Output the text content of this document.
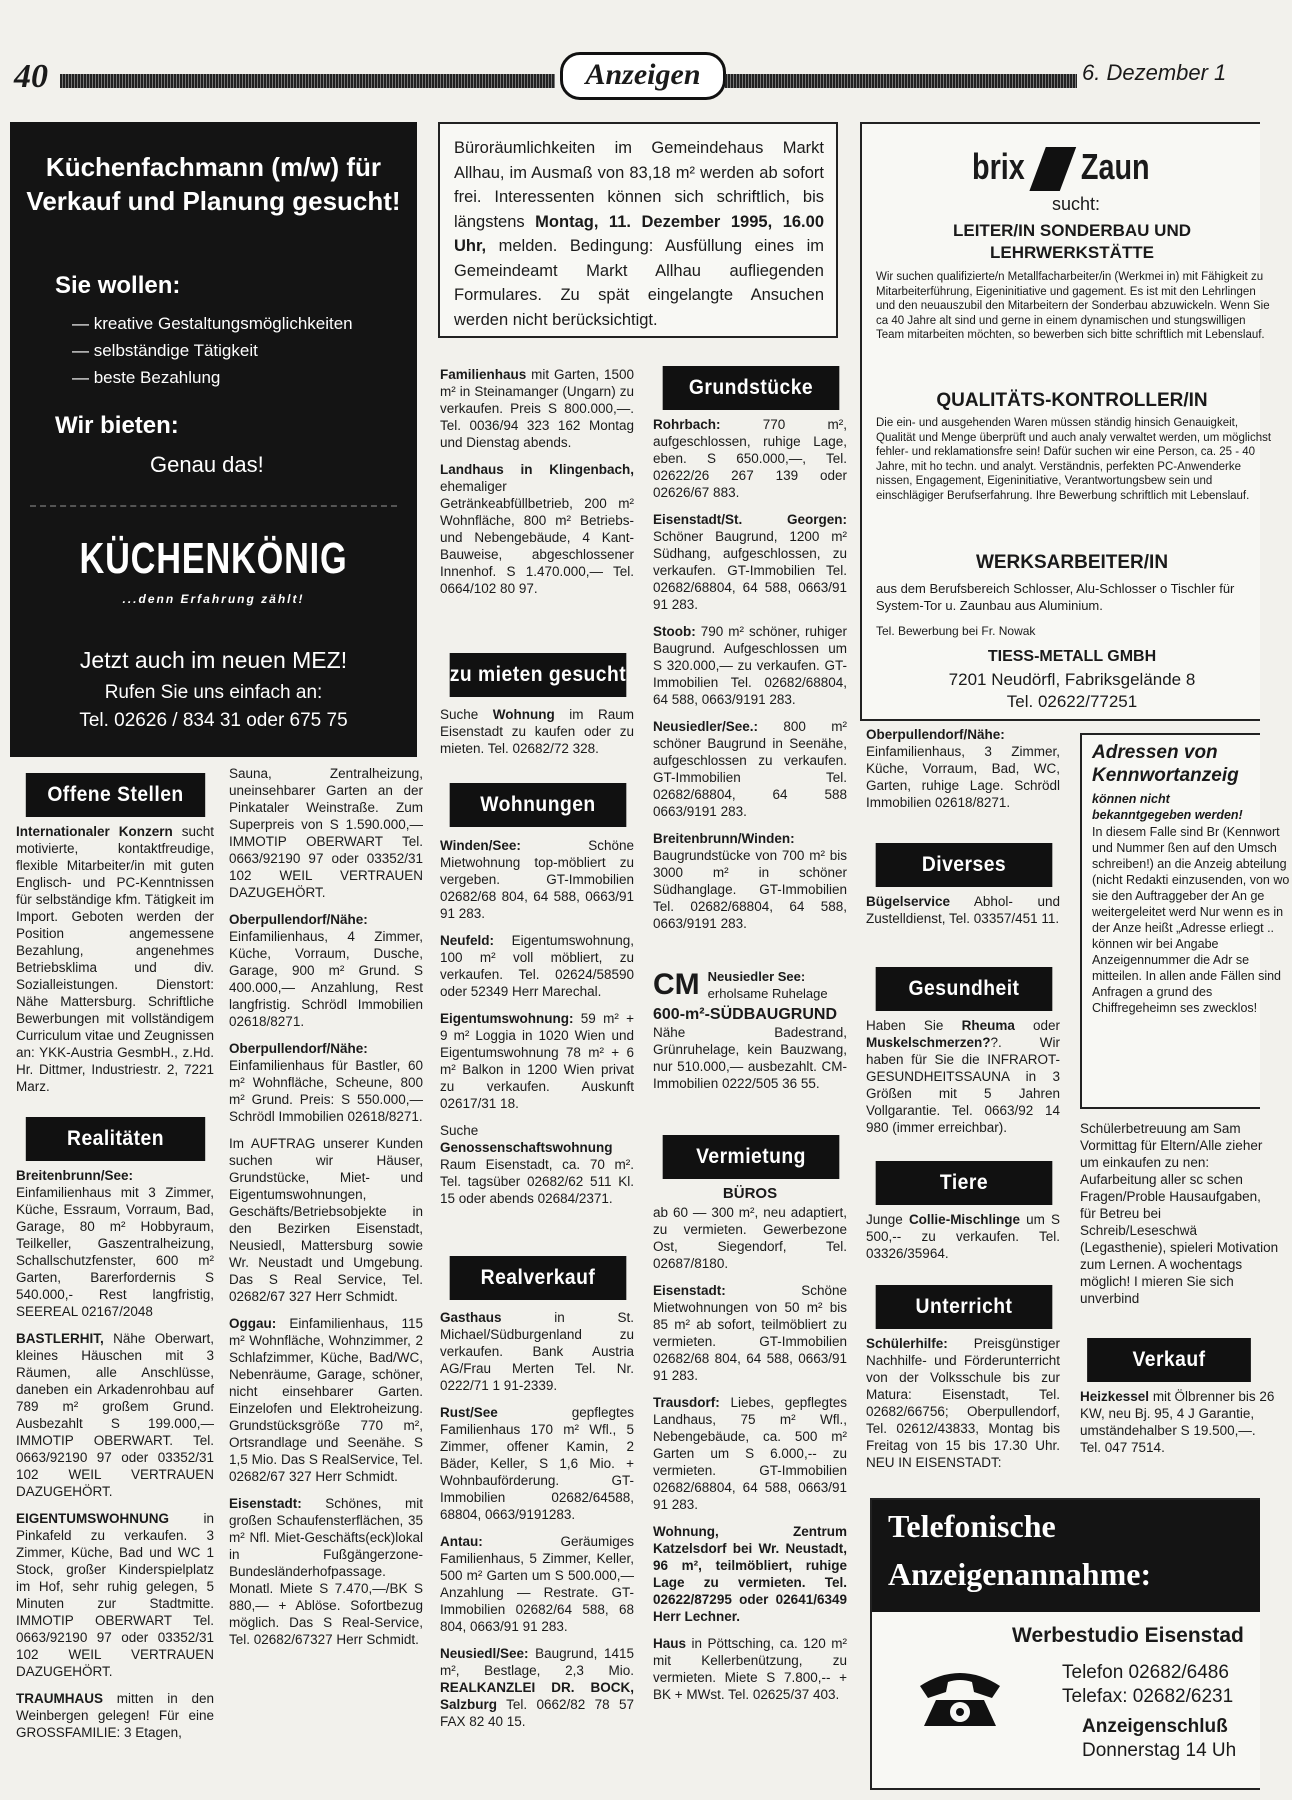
40	Anzeigen	6. Dezember 1
Küchenfachmann (m/w) für Verkauf und Planung gesucht!
Sie wollen:
— kreative Gestaltungsmöglichkeiten
— selbständige Tätigkeit
— beste Bezahlung
Wir bieten:
Genau das!
KÜCHENKÖNIG
...denn Erfahrung zählt!
Jetzt auch im neuen MEZ!
Rufen Sie uns einfach an:
Tel. 02626 / 834 31 oder 675 75
Büroräumlichkeiten im Gemeindehaus Markt Allhau, im Ausmaß von 83,18 m² werden ab sofort frei. Interessenten können sich schriftlich, bis längstens Montag, 11. Dezember 1995, 16.00 Uhr, melden. Bedingung: Ausfüllung eines im Gemeindeamt Markt Allhau aufliegenden Formulares. Zu spät eingelangte Ansuchen werden nicht berücksichtigt.
brix Zaun
sucht:
LEITER/IN SONDERBAU UND LEHRWERKSTÄTTE
Wir suchen qualifizierte/n Metallfacharbeiter/in (Werkmei in) mit Fähigkeit zu Mitarbeiterführung, Eigeninitiative und gagement. Es ist mit den Lehrlingen und den neuauszubil den Mitarbeitern der Sonderbau abzuwickeln. Wenn Sie ca 40 Jahre alt sind und gerne in einem dynamischen und stungswilligen Team mitarbeiten möchten, so bewerben sich bitte schriftlich mit Lebenslauf.
QUALITÄTS-KONTROLLER/IN
Die ein- und ausgehenden Waren müssen ständig hinsich Genauigkeit, Qualität und Menge überprüft und auch analy verwaltet werden, um möglichst fehler- und reklamationsfre sein! Dafür suchen wir eine Person, ca. 25 - 40 Jahre, mit ho techn. und analyt. Verständnis, perfekten PC-Anwenderke nissen, Engagement, Eigeninitiative, Verantwortungsbew sein und einschlägiger Berufserfahrung. Ihre Bewerbung schriftlich mit Lebenslauf.
WERKSARBEITER/IN
aus dem Berufsbereich Schlosser, Alu-Schlosser o Tischler für System-Tor u. Zaunbau aus Aluminium.
Tel. Bewerbung bei Fr. Nowak
TIESS-METALL GMBH
7201 Neudörfl, Fabriksgelände 8
Tel. 02622/77251
Offene Stellen

Internationaler Konzern sucht motivierte, kontaktfreudige, flexible Mitarbeiter/in mit guten Englisch- und PC-Kenntnissen für selbständige kfm. Tätigkeit im Import. Geboten werden der Position angemessene Bezahlung, angenehmes Betriebsklima und div. Sozialleistungen. Dienstort: Nähe Mattersburg. Schriftliche Bewerbungen mit vollständigem Curriculum vitae und Zeugnissen an: YKK-Austria GesmbH., z.Hd. Hr. Dittmer, Industriestr. 2, 7221 Marz.

Realitäten

Breitenbrunn/See: Einfamilienhaus mit 3 Zimmer, Küche, Essraum, Vorraum, Bad, Garage, 80 m² Hobbyraum, Teilkeller, Gaszentralheizung, Schallschutzfenster, 600 m² Garten, Barerfordernis S 540.000,- Rest langfristig, SEEREAL 02167/2048

BASTLERHIT, Nähe Oberwart, kleines Häuschen mit 3 Räumen, alle Anschlüsse, daneben ein Arkadenrohbau auf 789 m² großem Grund. Ausbezahlt S 199.000,— IMMOTIP OBERWART. Tel. 0663/92190 97 oder 03352/31 102 WEIL VERTRAUEN DAZUGEHÖRT.

EIGENTUMSWOHNUNG in Pinkafeld zu verkaufen. 3 Zimmer, Küche, Bad und WC 1 Stock, großer Kinderspielplatz im Hof, sehr ruhig gelegen, 5 Minuten zur Stadtmitte. IMMOTIP OBERWART Tel. 0663/92190 97 oder 03352/31 102 WEIL VERTRAUEN DAZUGEHÖRT.

TRAUMHAUS mitten in den Weinbergen gelegen! Für eine GROSSFAMILIE: 3 Etagen,

Sauna, Zentralheizung, uneinsehbarer Garten an der Pinkataler Weinstraße. Zum Superpreis von S 1.590.000,— IMMOTIP OBERWART Tel. 0663/92190 97 oder 03352/31 102 WEIL VERTRAUEN DAZUGEHÖRT.

Oberpullendorf/Nähe: Einfamilienhaus, 4 Zimmer, Küche, Vorraum, Dusche, Garage, 900 m² Grund. S 400.000,— Anzahlung, Rest langfristig. Schrödl Immobilien 02618/8271.

Oberpullendorf/Nähe: Einfamilienhaus für Bastler, 60 m² Wohnfläche, Scheune, 800 m² Grund. Preis: S 550.000,— Schrödl Immobilien 02618/8271.

Im AUFTRAG unserer Kunden suchen wir Häuser, Grundstücke, Miet- und Eigentumswohnungen, Geschäfts/Betriebsobjekte in den Bezirken Eisenstadt, Neusiedl, Mattersburg sowie Wr. Neustadt und Umgebung. Das S Real Service, Tel. 02682/67 327 Herr Schmidt.

Oggau: Einfamilienhaus, 115 m² Wohnfläche, Wohnzimmer, 2 Schlafzimmer, Küche, Bad/WC, Nebenräume, Garage, schöner, nicht einsehbarer Garten. Einzelofen und Elektroheizung. Grundstücksgröße 770 m², Ortsrandlage und Seenähe. S 1,5 Mio. Das S RealService, Tel. 02682/67 327 Herr Schmidt.

Eisenstadt: Schönes, mit großen Schaufensterflächen, 35 m² Nfl. Miet-Geschäfts(eck)lokal in Fußgängerzone- Bundesländerhofpassage. Monatl. Miete S 7.470,—/BK S 880,— + Ablöse. Sofortbezug möglich. Das S Real-Service, Tel. 02682/67327 Herr Schmidt.

Familienhaus mit Garten, 1500 m² in Steinamanger (Ungarn) zu verkaufen. Preis S 800.000,—. Tel. 0036/94 323 162 Montag und Dienstag abends.

Landhaus in Klingenbach, ehemaliger Getränkeabfüllbetrieb, 200 m² Wohnfläche, 800 m² Betriebs- und Nebengebäude, 4 Kant-Bauweise, abgeschlossener Innenhof. S 1.470.000,— Tel. 0664/102 80 97.

zu mieten gesucht

Suche Wohnung im Raum Eisenstadt zu kaufen oder zu mieten. Tel. 02682/72 328.

Wohnungen

Winden/See: Schöne Mietwohnung top-möbliert zu vergeben. GT-Immobilien 02682/68 804, 64 588, 0663/91 91 283.

Neufeld: Eigentumswohnung, 100 m² voll möbliert, zu verkaufen. Tel. 02624/58590 oder 52349 Herr Marechal.

Eigentumswohnung: 59 m² + 9 m² Loggia in 1020 Wien und Eigentumswohnung 78 m² + 6 m² Balkon in 1200 Wien privat zu verkaufen. Auskunft 02617/31 18.

Suche Genossenschaftswohnung Raum Eisenstadt, ca. 70 m². Tel. tagsüber 02682/62 511 Kl. 15 oder abends 02684/2371.

Realverkauf

Gasthaus in St. Michael/Südburgenland zu verkaufen. Bank Austria AG/Frau Merten Tel. Nr. 0222/71 1 91-2339.

Rust/See gepflegtes Familienhaus 170 m² Wfl., 5 Zimmer, offener Kamin, 2 Bäder, Keller, S 1,6 Mio. + Wohnbauförderung. GT-Immobilien 02682/64588, 68804, 0663/9191283.

Antau: Geräumiges Familienhaus, 5 Zimmer, Keller, 500 m² Garten um S 500.000,— Anzahlung — Restrate. GT-Immobilien 02682/64 588, 68 804, 0663/91 91 283.

Neusiedl/See: Baugrund, 1415 m², Bestlage, 2,3 Mio. REALKANZLEI DR. BOCK, Salzburg Tel. 0662/82 78 57 FAX 82 40 15.

Grundstücke

Rohrbach: 770 m², aufgeschlossen, ruhige Lage, eben. S 650.000,—, Tel. 02622/26 267 139 oder 02626/67 883.

Eisenstadt/St. Georgen: Schöner Baugrund, 1200 m² Südhang, aufgeschlossen, zu verkaufen. GT-Immobilien Tel. 02682/68804, 64 588, 0663/91 91 283.

Stoob: 790 m² schöner, ruhiger Baugrund. Aufgeschlossen um S 320.000,— zu verkaufen. GT-Immobilien Tel. 02682/68804, 64 588, 0663/9191 283.

Neusiedler/See.: 800 m² schöner Baugrund in Seenähe, aufgeschlossen zu verkaufen. GT-Immobilien Tel. 02682/68804, 64 588 0663/9191 283.

Breitenbrunn/Winden: Baugrundstücke von 700 m² bis 3000 m² in schöner Südhanglage. GT-Immobilien Tel. 02682/68804, 64 588, 0663/9191 283.

CM Neusiedler See: erholsame Ruhelage
600-m²-SÜDBAUGRUND
Nähe Badestrand, Grünruhelage, kein Bauzwang, nur 510.000,— ausbezahlt. CM-Immobilien 0222/505 36 55.
Vermietung
BÜROS

ab 60 — 300 m², neu adaptiert, zu vermieten. Gewerbezone Ost, Siegendorf, Tel. 02687/8180.

Eisenstadt: Schöne Mietwohnungen von 50 m² bis 85 m² ab sofort, teilmöbliert zu vermieten. GT-Immobilien 02682/68 804, 64 588, 0663/91 91 283.

Trausdorf: Liebes, gepflegtes Landhaus, 75 m² Wfl., Nebengebäude, ca. 500 m² Garten um S 6.000,-- zu vermieten. GT-Immobilien 02682/68804, 64 588, 0663/91 91 283.

Wohnung, Zentrum Katzelsdorf bei Wr. Neustadt, 96 m², teilmöbliert, ruhige Lage zu vermieten. Tel. 02622/87295 oder 02641/6349 Herr Lechner.

Haus in Pöttsching, ca. 120 m² mit Kellerbenützung, zu vermieten. Miete S 7.800,-- + BK + MWst. Tel. 02625/37 403.

Oberpullendorf/Nähe: Einfamilienhaus, 3 Zimmer, Küche, Vorraum, Bad, WC, Garten, ruhige Lage. Schrödl Immobilien 02618/8271.

Diverses

Bügelservice Abhol- und Zustelldienst, Tel. 03357/451 11.

Gesundheit

Haben Sie Rheuma oder Muskelschmerzen??. Wir haben für Sie die INFRAROT-GESUNDHEITSSAUNA in 3 Größen mit 5 Jahren Vollgarantie. Tel. 0663/92 14 980 (immer erreichbar).

Tiere

Junge Collie-Mischlinge um S 500,-- zu verkaufen. Tel. 03326/35964.

Unterricht

Schülerhilfe: Preisgünstiger Nachhilfe- und Förderunterricht von der Volksschule bis zur Matura: Eisenstadt, Tel. 02682/66756; Oberpullendorf, Tel. 02612/43833, Montag bis Freitag von 15 bis 17.30 Uhr. NEU IN EISENSTADT:

Adressen von Kennwortanzeig
können nicht bekanntgegeben werden!
In diesem Falle sind Br (Kennwort und Nummer ßen auf den Umsch schreiben!) an die Anzeig abteilung (nicht Redakti einzusenden, von wo sie den Auftraggeber der An ge weitergeleitet werd Nur wenn es in der Anze heißt „Adresse erliegt .. können wir bei Angabe Anzeigennummer die Adr se mitteilen. In allen ande Fällen sind Anfragen a grund des Chiffregeheimn ses zwecklos!

Schülerbetreuung am Sam Vormittag für Eltern/Alle zieher um einkaufen zu nen: Aufarbeitung aller sc schen Fragen/Proble Hausaufgaben, für Betreu bei Schreib/Leseschwä (Legasthenie), spieleri Motivation zum Lernen. A wochentags möglich! I mieren Sie sich unverbind

Verkauf

Heizkessel mit Ölbrenner bis 26 KW, neu Bj. 95, 4 J Garantie, umständehalber S 19.500,—. Tel. 047 7514.

Telefonische
Anzeigenannahme:
Werbestudio Eisenstad
Telefon 02682/6486
Telefax: 02682/6231
Anzeigenschluß
Donnerstag 14 Uh
